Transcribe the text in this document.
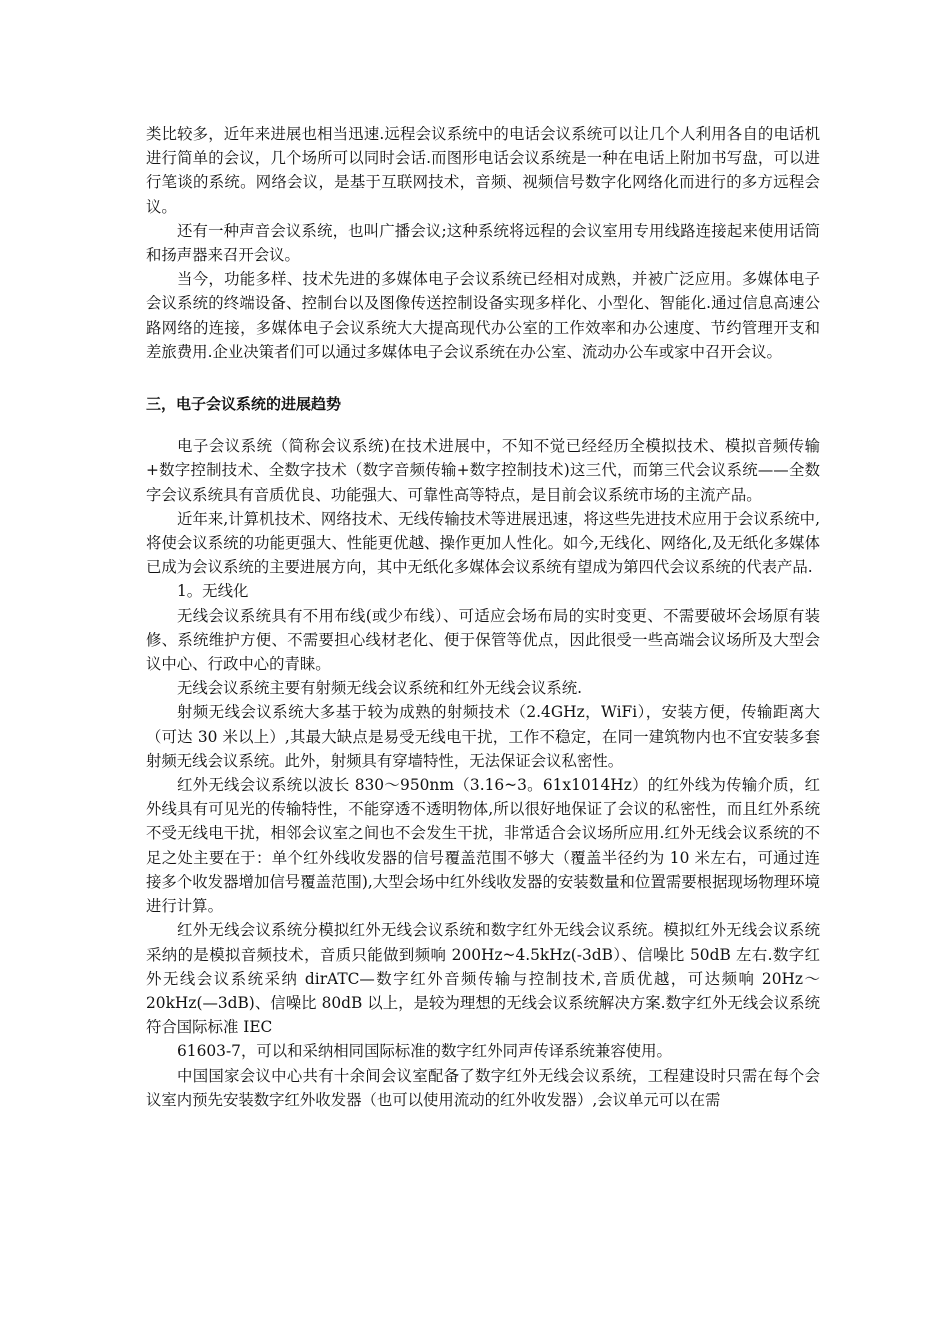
类比较多，近年来进展也相当迅速.远程会议系统中的电话会议系统可以让几个人利用各自的电话机进行简单的会议，几个场所可以同时会话.而图形电话会议系统是一种在电话上附加书写盘，可以进行笔谈的系统。网络会议，是基于互联网技术，音频、视频信号数字化网络化而进行的多方远程会议。

还有一种声音会议系统，也叫广播会议;这种系统将远程的会议室用专用线路连接起来使用话筒和扬声器来召开会议。

当今，功能多样、技术先进的多媒体电子会议系统已经相对成熟，并被广泛应用。多媒体电子会议系统的终端设备、控制台以及图像传送控制设备实现多样化、小型化、智能化.通过信息高速公路网络的连接，多媒体电子会议系统大大提高现代办公室的工作效率和办公速度、节约管理开支和差旅费用.企业决策者们可以通过多媒体电子会议系统在办公室、流动办公车或家中召开会议。

三，电子会议系统的进展趋势

电子会议系统（简称会议系统)在技术进展中，不知不觉已经经历全模拟技术、模拟音频传输+数字控制技术、全数字技术（数字音频传输+数字控制技术)这三代，而第三代会议系统——全数字会议系统具有音质优良、功能强大、可靠性高等特点，是目前会议系统市场的主流产品。

近年来,计算机技术、网络技术、无线传输技术等进展迅速，将这些先进技术应用于会议系统中,将使会议系统的功能更强大、性能更优越、操作更加人性化。如今,无线化、网络化,及无纸化多媒体已成为会议系统的主要进展方向，其中无纸化多媒体会议系统有望成为第四代会议系统的代表产品.

1。无线化

无线会议系统具有不用布线(或少布线）、可适应会场布局的实时变更、不需要破坏会场原有装修、系统维护方便、不需要担心线材老化、便于保管等优点，因此很受一些高端会议场所及大型会议中心、行政中心的青睐。

无线会议系统主要有射频无线会议系统和红外无线会议系统.

射频无线会议系统大多基于较为成熟的射频技术（2.4GHz，WiFi），安装方便，传输距离大（可达 30 米以上）,其最大缺点是易受无线电干扰，工作不稳定，在同一建筑物内也不宜安装多套射频无线会议系统。此外，射频具有穿墙特性，无法保证会议私密性。

红外无线会议系统以波长 830～950nm（3.16~3。61x1014Hz）的红外线为传输介质，红外线具有可见光的传输特性，不能穿透不透明物体,所以很好地保证了会议的私密性，而且红外系统不受无线电干扰，相邻会议室之间也不会发生干扰，非常适合会议场所应用.红外无线会议系统的不足之处主要在于：单个红外线收发器的信号覆盖范围不够大（覆盖半径约为 10 米左右，可通过连接多个收发器增加信号覆盖范围),大型会场中红外线收发器的安装数量和位置需要根据现场物理环境进行计算。

红外无线会议系统分模拟红外无线会议系统和数字红外无线会议系统。模拟红外无线会议系统采纳的是模拟音频技术，音质只能做到频响 200Hz~4.5kHz(-3dB）、信噪比 50dB 左右.数字红外无线会议系统采纳 dirATC—数字红外音频传输与控制技术,音质优越，可达频响 20Hz～20kHz(—3dB)、信噪比 80dB 以上，是较为理想的无线会议系统解决方案.数字红外无线会议系统符合国际标准 IEC

61603-7，可以和采纳相同国际标准的数字红外同声传译系统兼容使用。

中国国家会议中心共有十余间会议室配备了数字红外无线会议系统，工程建设时只需在每个会议室内预先安装数字红外收发器（也可以使用流动的红外收发器）,会议单元可以在需
